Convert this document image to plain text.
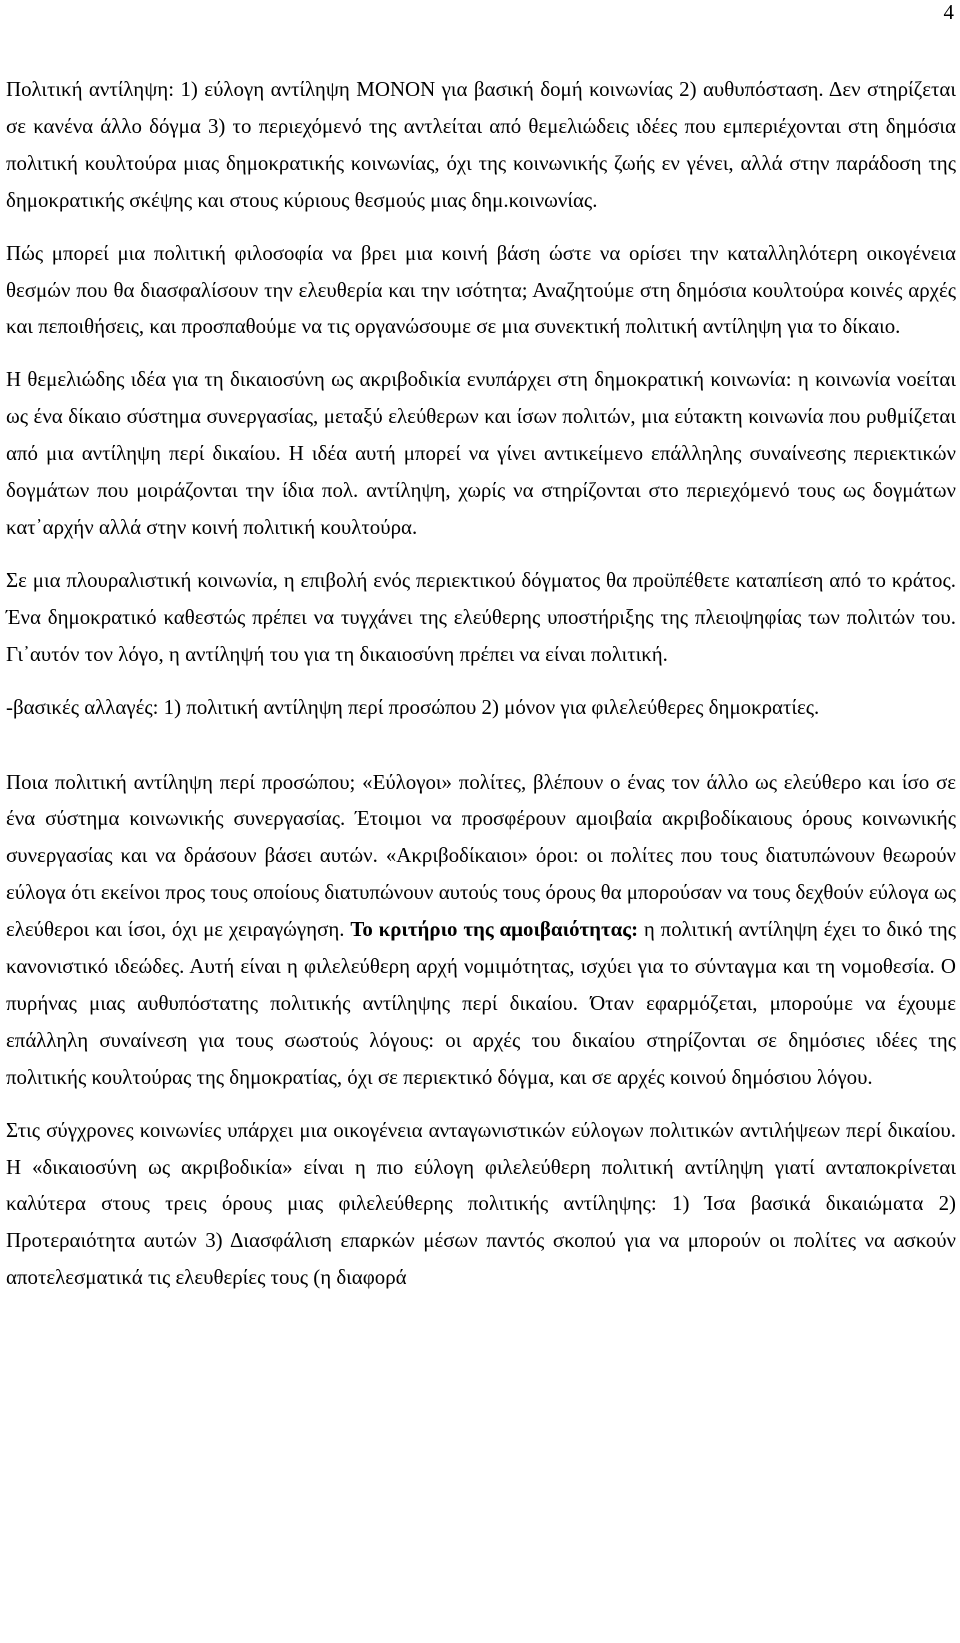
4

Πολιτική αντίληψη: 1) εύλογη αντίληψη ΜΟΝΟΝ για βασική δομή κοινωνίας 2) αυθυπόσταση. Δεν στηρίζεται σε κανένα άλλο δόγμα 3) το περιεχόμενό της αντλείται από θεμελιώδεις ιδέες που εμπεριέχονται στη δημόσια πολιτική κουλτούρα μιας δημοκρατικής κοινωνίας, όχι της κοινωνικής ζωής εν γένει, αλλά στην παράδοση της δημοκρατικής σκέψης και στους κύριους θεσμούς μιας δημ.κοινωνίας.

Πώς μπορεί μια πολιτική φιλοσοφία να βρει μια κοινή βάση ώστε να ορίσει την καταλληλότερη οικογένεια θεσμών που θα διασφαλίσουν την ελευθερία και την ισότητα; Αναζητούμε στη δημόσια κουλτούρα κοινές αρχές και πεποιθήσεις, και προσπαθούμε να τις οργανώσουμε σε μια συνεκτική πολιτική αντίληψη για το δίκαιο.

Η θεμελιώδης ιδέα για τη δικαιοσύνη ως ακριβοδικία ενυπάρχει στη δημοκρατική κοινωνία: η κοινωνία νοείται ως ένα δίκαιο σύστημα συνεργασίας, μεταξύ ελεύθερων και ίσων πολιτών, μια εύτακτη κοινωνία που ρυθμίζεται από μια αντίληψη περί δικαίου. Η ιδέα αυτή μπορεί να γίνει αντικείμενο επάλληλης συναίνεσης περιεκτικών δογμάτων που μοιράζονται την ίδια πολ. αντίληψη, χωρίς να στηρίζονται στο περιεχόμενό τους ως δογμάτων κατ᾽αρχήν αλλά στην κοινή πολιτική κουλτούρα.

Σε μια πλουραλιστική κοινωνία, η επιβολή ενός περιεκτικού δόγματος θα προϋπέθετε καταπίεση από το κράτος. Ένα δημοκρατικό καθεστώς πρέπει να τυγχάνει της ελεύθερης υποστήριξης της πλειοψηφίας των πολιτών του. Γι᾽αυτόν τον λόγο, η αντίληψή του για τη δικαιοσύνη πρέπει να είναι πολιτική.

-βασικές αλλαγές: 1) πολιτική αντίληψη περί προσώπου 2) μόνον για φιλελεύθερες δημοκρατίες.

Ποια πολιτική αντίληψη περί προσώπου; «Εύλογοι» πολίτες, βλέπουν ο ένας τον άλλο ως ελεύθερο και ίσο σε ένα σύστημα κοινωνικής συνεργασίας. Έτοιμοι να προσφέρουν αμοιβαία ακριβοδίκαιους όρους κοινωνικής συνεργασίας και να δράσουν βάσει αυτών. «Ακριβοδίκαιοι» όροι: οι πολίτες που τους διατυπώνουν θεωρούν εύλογα ότι εκείνοι προς τους οποίους διατυπώνουν αυτούς τους όρους θα μπορούσαν να τους δεχθούν εύλογα ως ελεύθεροι και ίσοι, όχι με χειραγώγηση. Το κριτήριο της αμοιβαιότητας: η πολιτική αντίληψη έχει το δικό της κανονιστικό ιδεώδες. Αυτή είναι η φιλελεύθερη αρχή νομιμότητας, ισχύει για το σύνταγμα και τη νομοθεσία. Ο πυρήνας μιας αυθυπόστατης πολιτικής αντίληψης περί δικαίου. Όταν εφαρμόζεται, μπορούμε να έχουμε επάλληλη συναίνεση για τους σωστούς λόγους: οι αρχές του δικαίου στηρίζονται σε δημόσιες ιδέες της πολιτικής κουλτούρας της δημοκρατίας, όχι σε περιεκτικό δόγμα, και σε αρχές κοινού δημόσιου λόγου.

Στις σύγχρονες κοινωνίες υπάρχει μια οικογένεια ανταγωνιστικών εύλογων πολιτικών αντιλήψεων περί δικαίου. Η «δικαιοσύνη ως ακριβοδικία» είναι η πιο εύλογη φιλελεύθερη πολιτική αντίληψη γιατί ανταποκρίνεται καλύτερα στους τρεις όρους μιας φιλελεύθερης πολιτικής αντίληψης: 1) Ίσα βασικά δικαιώματα 2) Προτεραιότητα αυτών 3) Διασφάλιση επαρκών μέσων παντός σκοπού για να μπορούν οι πολίτες να ασκούν αποτελεσματικά τις ελευθερίες τους (η διαφορά
